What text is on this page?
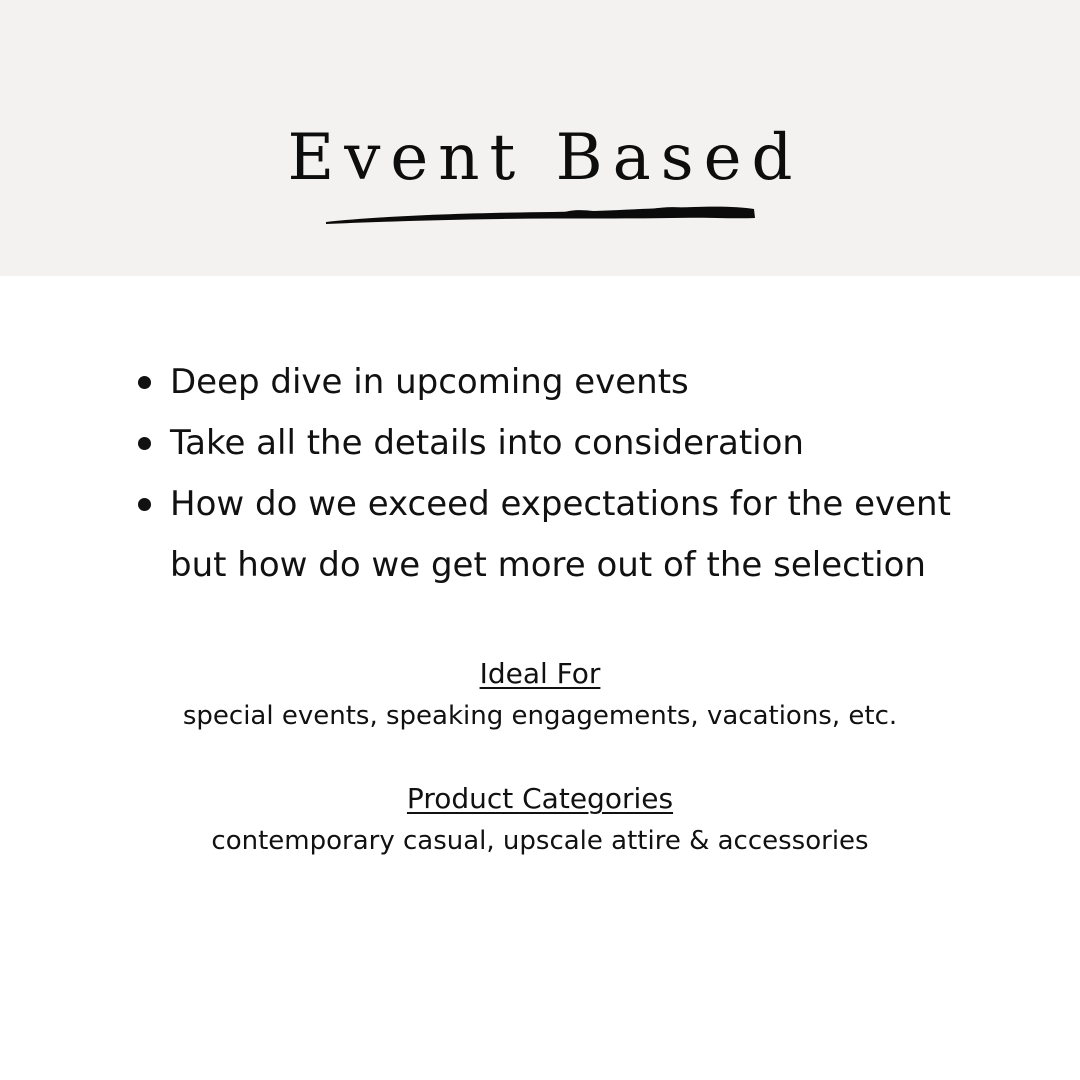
Event Based
Deep dive in upcoming events
Take all the details into consideration
How do we exceed expectations for the event but how do we get more out of the selection
Ideal For
special events, speaking engagements, vacations, etc.
Product Categories
contemporary casual, upscale attire & accessories
